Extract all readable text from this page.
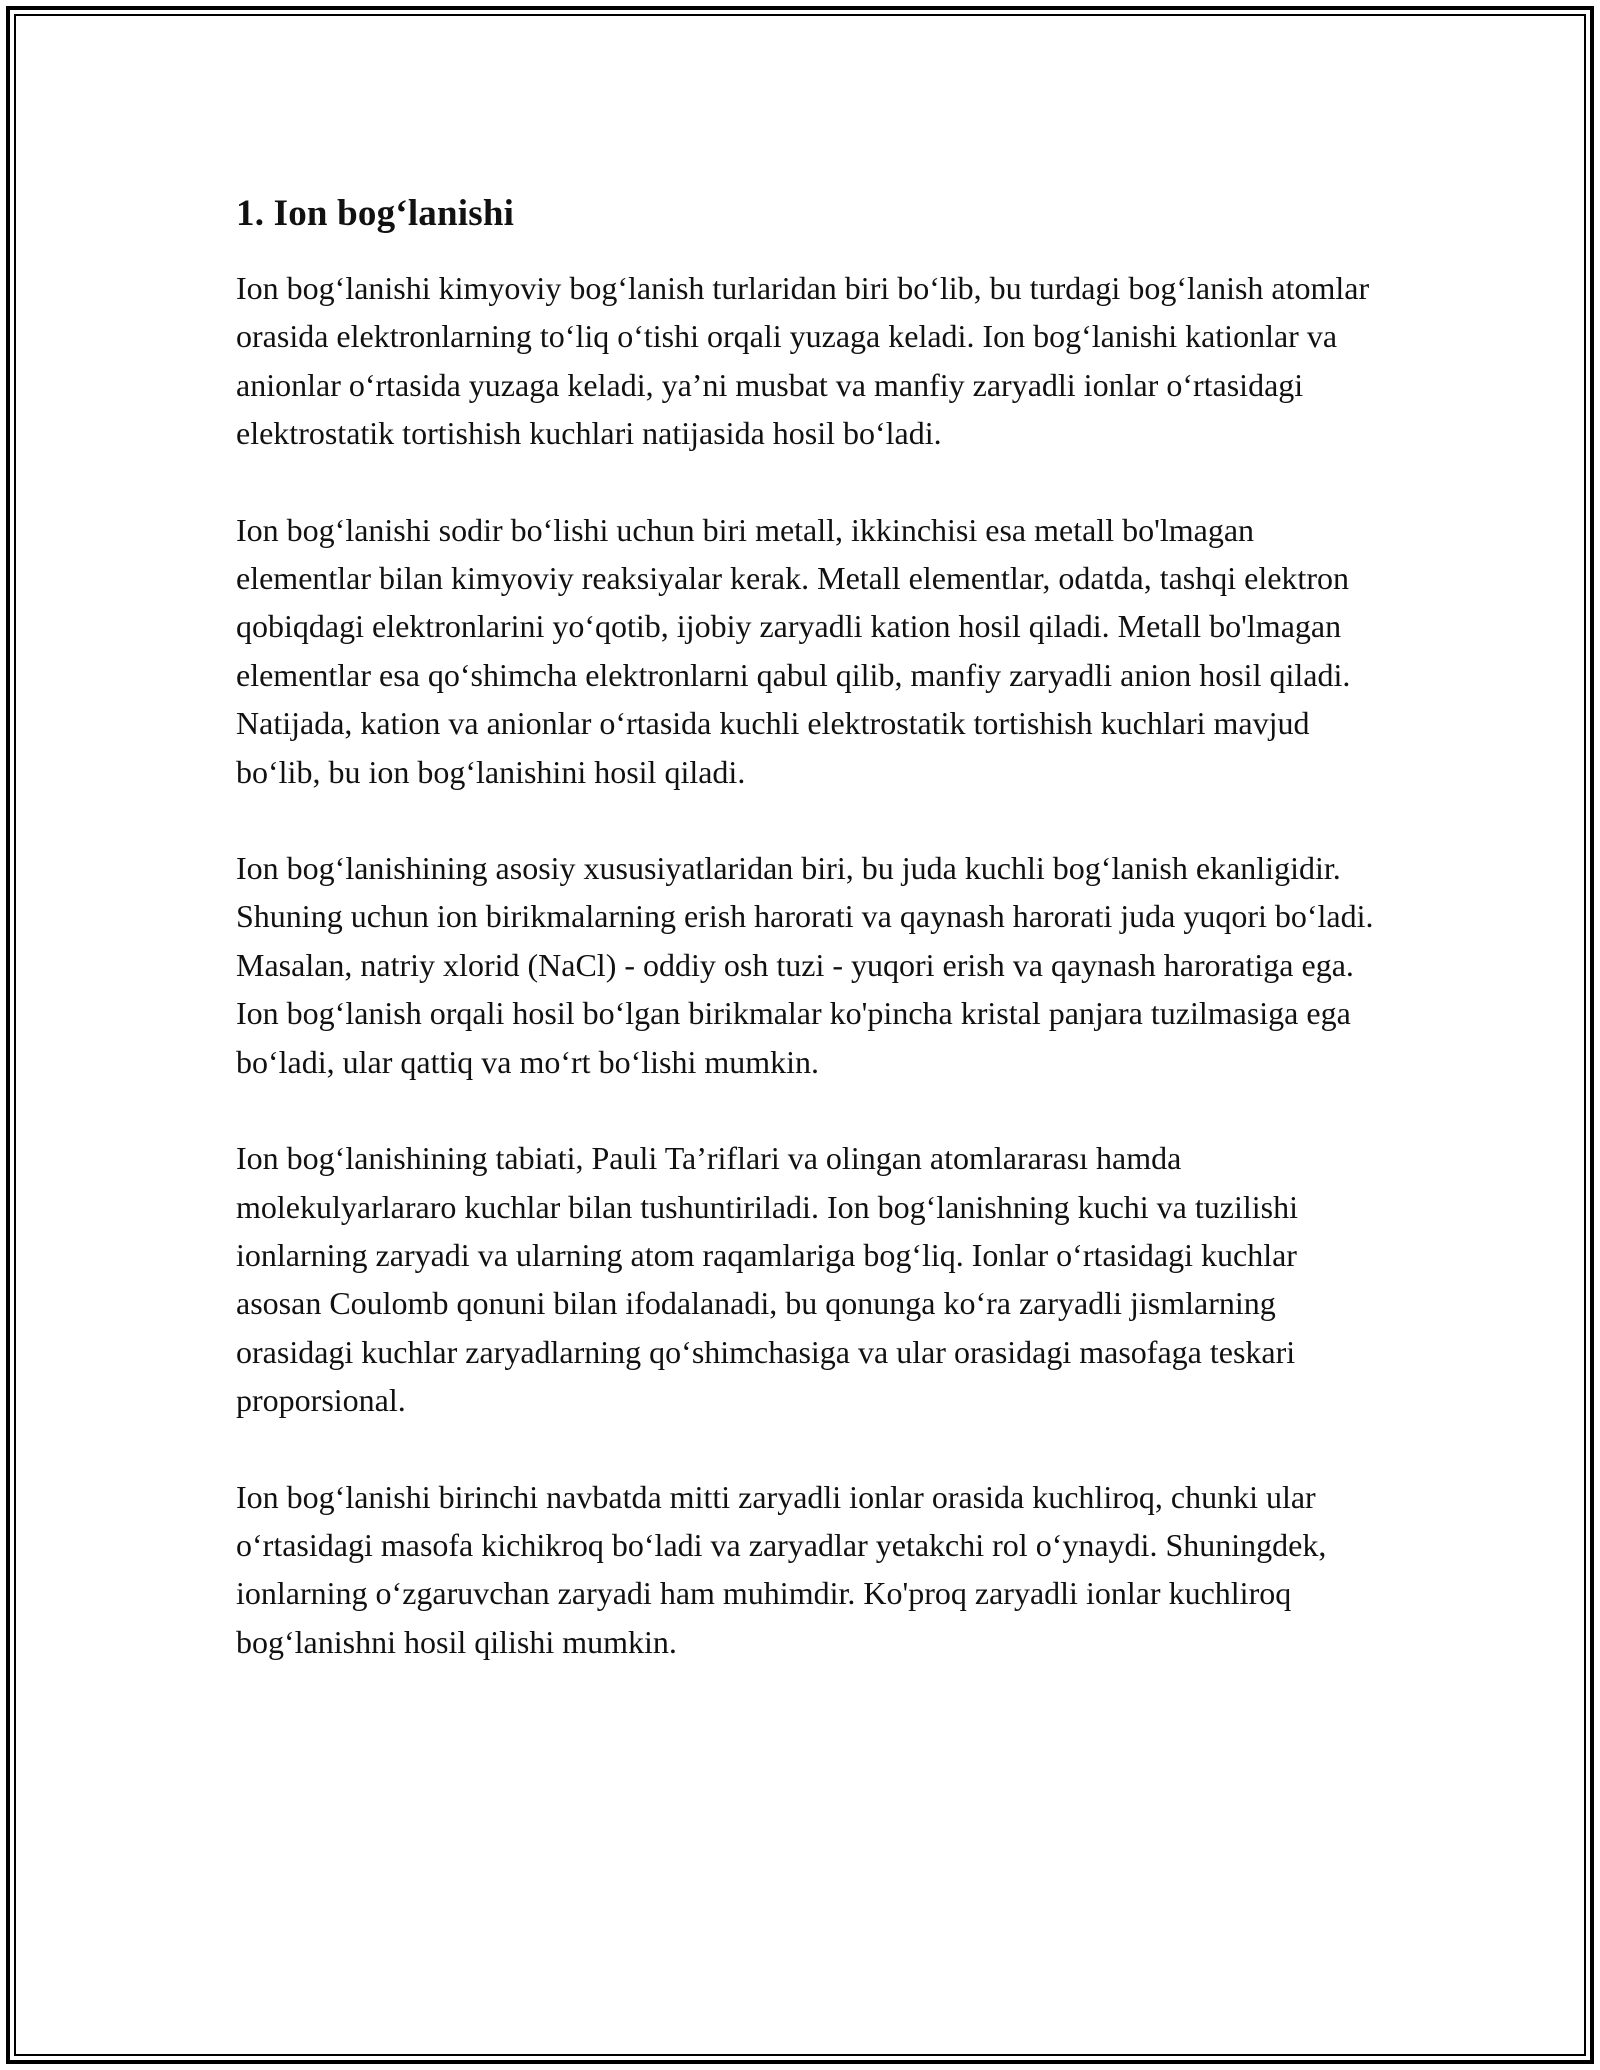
1. Ion bog‘lanishi

Ion bog‘lanishi kimyoviy bog‘lanish turlaridan biri bo‘lib, bu turdagi bog‘lanish atomlar orasida elektronlarning to‘liq o‘tishi orqali yuzaga keladi. Ion bog‘lanishi kationlar va anionlar o‘rtasida yuzaga keladi, ya’ni musbat va manfiy zaryadli ionlar o‘rtasidagi elektrostatik tortishish kuchlari natijasida hosil bo‘ladi.

Ion bog‘lanishi sodir bo‘lishi uchun biri metall, ikkinchisi esa metall bo'lmagan elementlar bilan kimyoviy reaksiyalar kerak. Metall elementlar, odatda, tashqi elektron qobiqdagi elektronlarini yo‘qotib, ijobiy zaryadli kation hosil qiladi. Metall bo'lmagan elementlar esa qo‘shimcha elektronlarni qabul qilib, manfiy zaryadli anion hosil qiladi. Natijada, kation va anionlar o‘rtasida kuchli elektrostatik tortishish kuchlari mavjud bo‘lib, bu ion bog‘lanishini hosil qiladi.

Ion bog‘lanishining asosiy xususiyatlaridan biri, bu juda kuchli bog‘lanish ekanligidir. Shuning uchun ion birikmalarning erish harorati va qaynash harorati juda yuqori bo‘ladi. Masalan, natriy xlorid (NaCl) - oddiy osh tuzi - yuqori erish va qaynash haroratiga ega. Ion bog‘lanish orqali hosil bo‘lgan birikmalar ko'pincha kristal panjara tuzilmasiga ega bo‘ladi, ular qattiq va mo‘rt bo‘lishi mumkin.

Ion bog‘lanishining tabiati, Pauli Ta’riflari va olingan atomlararası hamda molekulyarlararo kuchlar bilan tushuntiriladi. Ion bog‘lanishning kuchi va tuzilishi ionlarning zaryadi va ularning atom raqamlariga bog‘liq. Ionlar o‘rtasidagi kuchlar asosan Coulomb qonuni bilan ifodalanadi, bu qonunga ko‘ra zaryadli jismlarning orasidagi kuchlar zaryadlarning qo‘shimchasiga va ular orasidagi masofaga teskari proporsional.

Ion bog‘lanishi birinchi navbatda mitti zaryadli ionlar orasida kuchliroq, chunki ular o‘rtasidagi masofa kichikroq bo‘ladi va zaryadlar yetakchi rol o‘ynaydi. Shuningdek, ionlarning o‘zgaruvchan zaryadi ham muhimdir. Ko'proq zaryadli ionlar kuchliroq bog‘lanishni hosil qilishi mumkin.
